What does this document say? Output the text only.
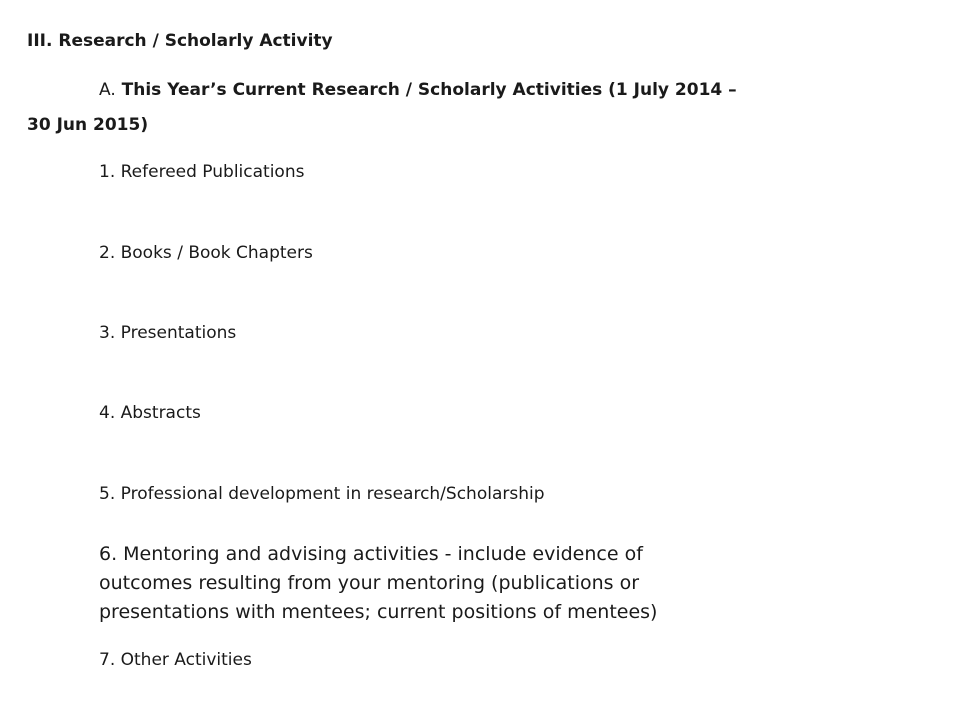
III. Research / Scholarly Activity
A. This Year’s Current Research / Scholarly Activities (1 July 2014 –
30 Jun 2015)
1. Refereed Publications
2. Books / Book Chapters
3. Presentations
4. Abstracts
5. Professional development in research/Scholarship
6. Mentoring and advising activities - include evidence of outcomes resulting from your mentoring (publications or presentations with mentees; current positions of mentees)
7. Other Activities
